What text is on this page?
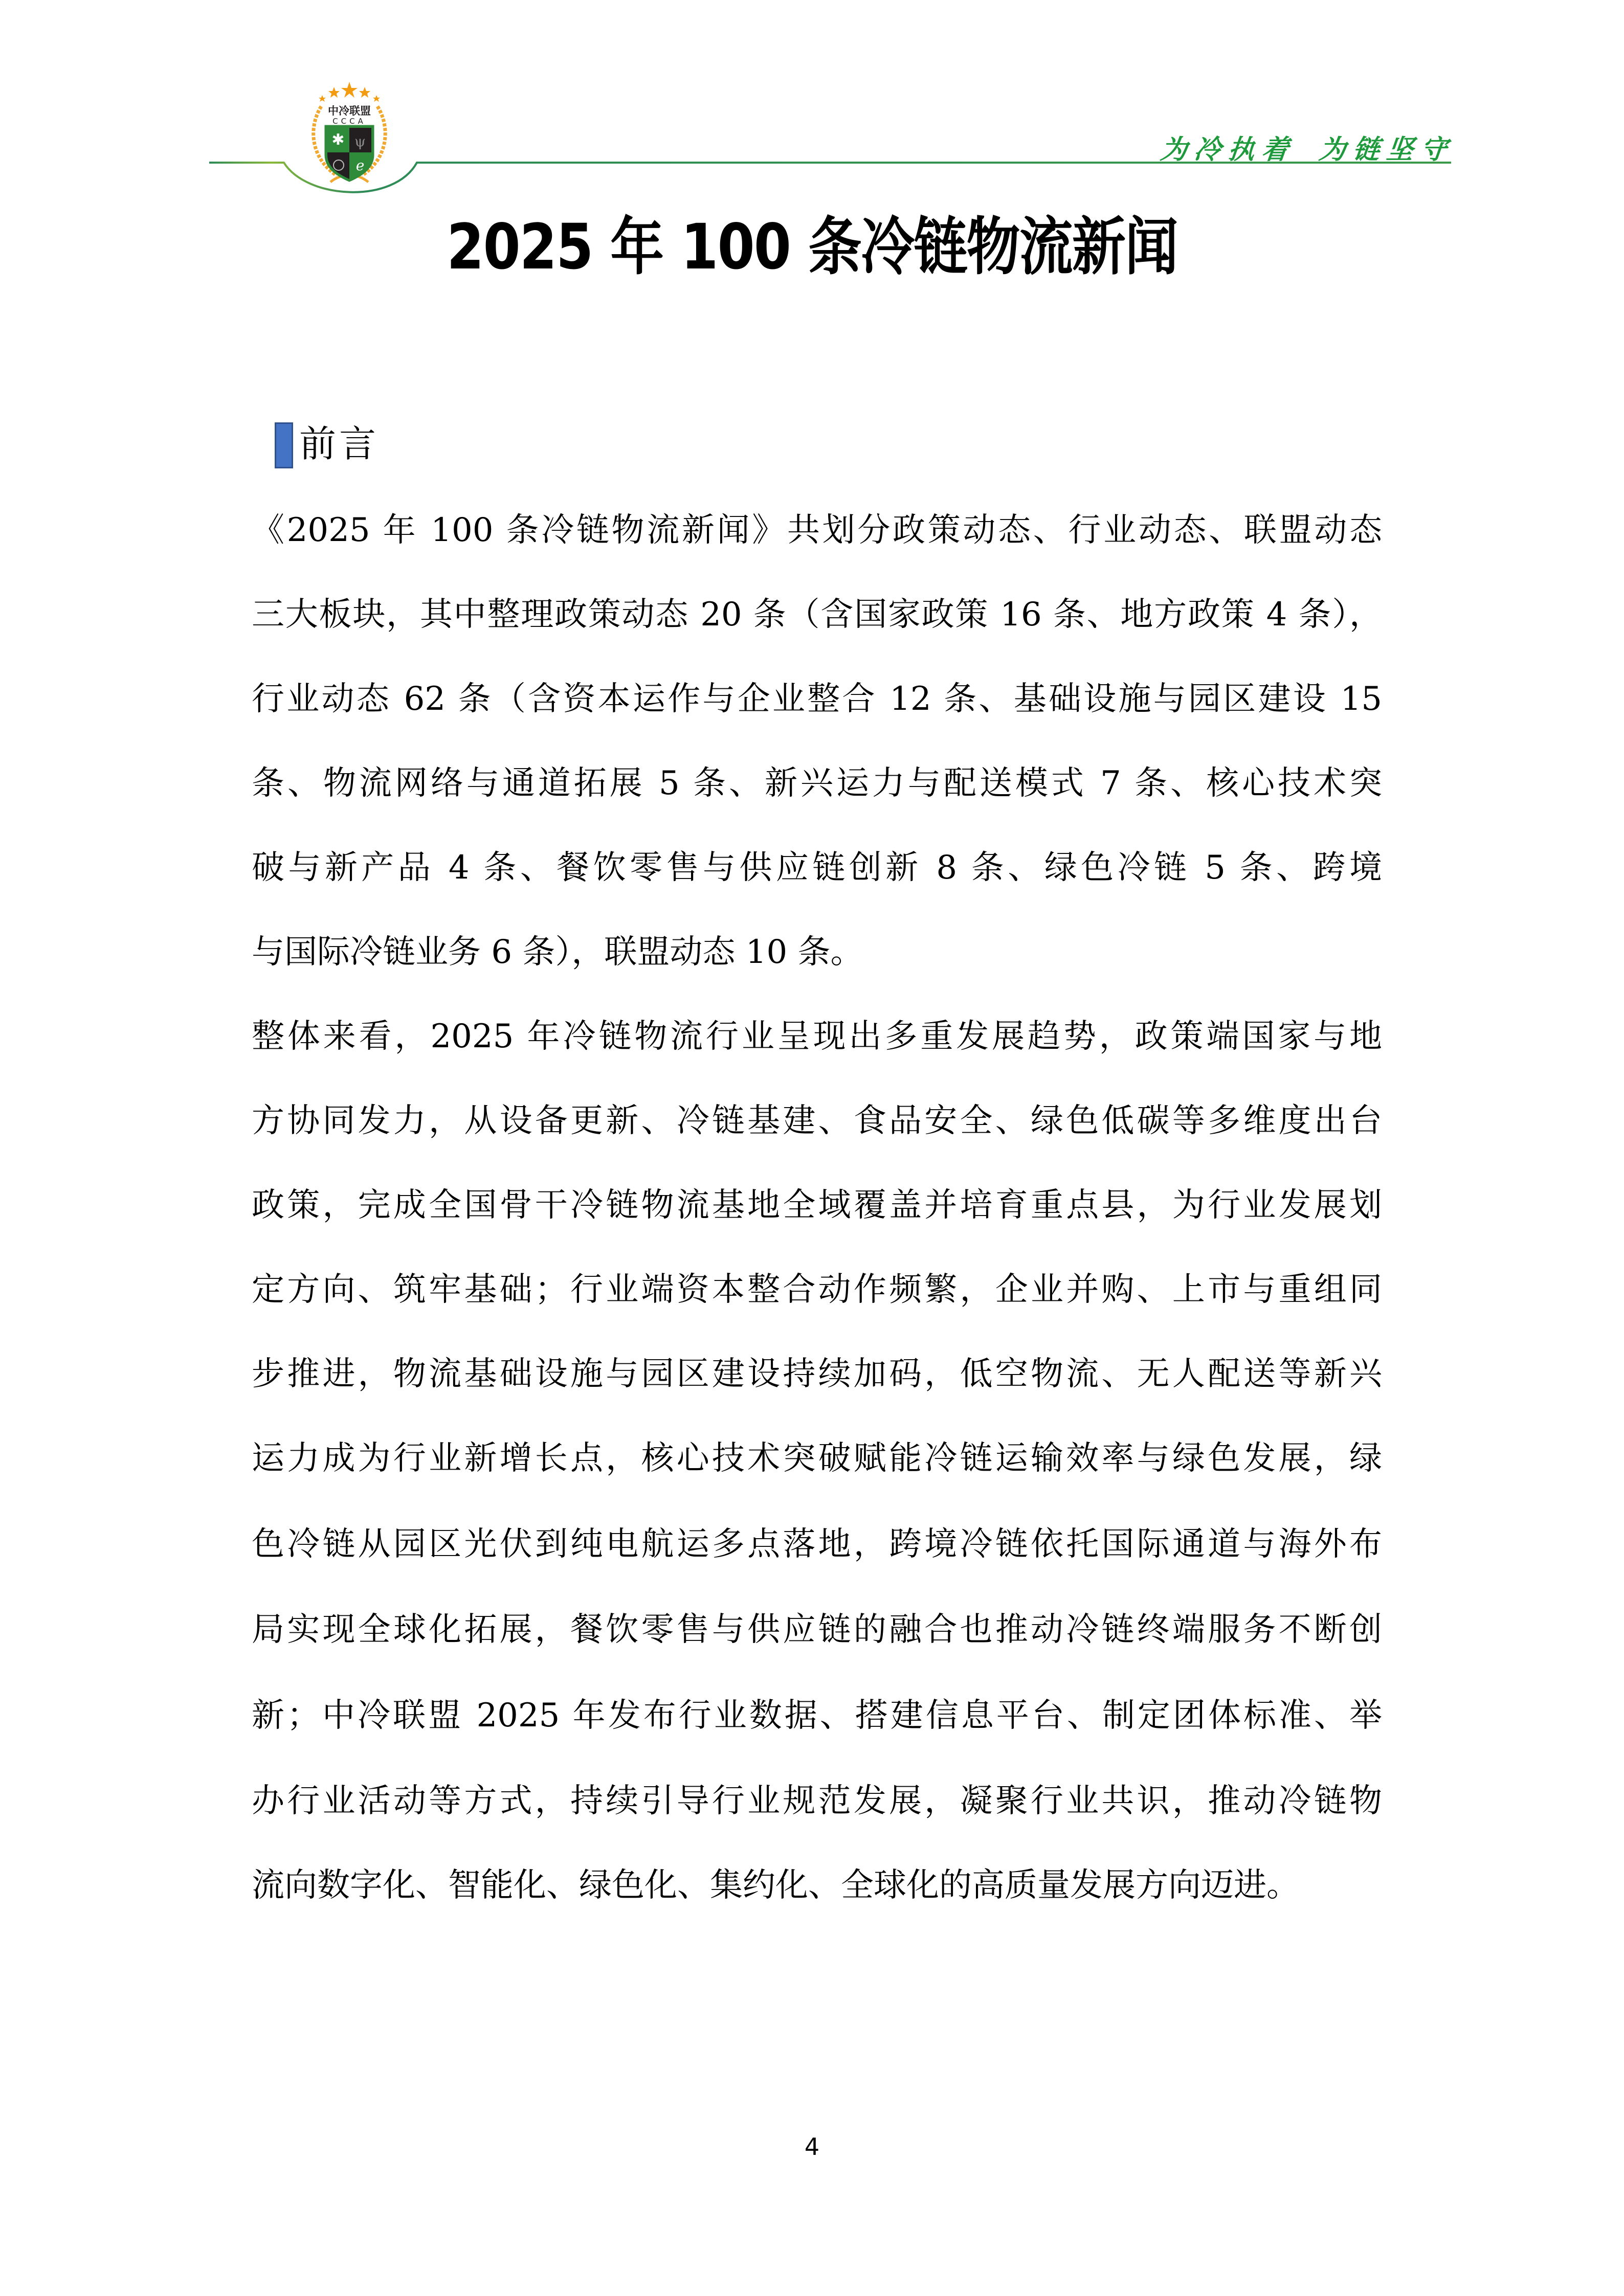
中冷联盟
CCCA
✱ ψ
e
为冷执着 为链坚守
2025 年 100 条冷链物流新闻
前言
《2025 年 100 条冷链物流新闻》共划分政策动态、行业动态、联盟动态
三大板块，其中整理政策动态 20 条（含国家政策 16 条、地方政策 4 条），
行业动态 62 条（含资本运作与企业整合 12 条、基础设施与园区建设 15
条、物流网络与通道拓展 5 条、新兴运力与配送模式 7 条、核心技术突
破与新产品 4 条、餐饮零售与供应链创新 8 条、绿色冷链 5 条、跨境
与国际冷链业务 6 条），联盟动态 10 条。
整体来看，2025 年冷链物流行业呈现出多重发展趋势，政策端国家与地
方协同发力，从设备更新、冷链基建、食品安全、绿色低碳等多维度出台
政策，完成全国骨干冷链物流基地全域覆盖并培育重点县，为行业发展划
定方向、筑牢基础；行业端资本整合动作频繁，企业并购、上市与重组同
步推进，物流基础设施与园区建设持续加码，低空物流、无人配送等新兴
运力成为行业新增长点，核心技术突破赋能冷链运输效率与绿色发展，绿
色冷链从园区光伏到纯电航运多点落地，跨境冷链依托国际通道与海外布
局实现全球化拓展，餐饮零售与供应链的融合也推动冷链终端服务不断创
新；中冷联盟 2025 年发布行业数据、搭建信息平台、制定团体标准、举
办行业活动等方式，持续引导行业规范发展，凝聚行业共识，推动冷链物
流向数字化、智能化、绿色化、集约化、全球化的高质量发展方向迈进。
4
